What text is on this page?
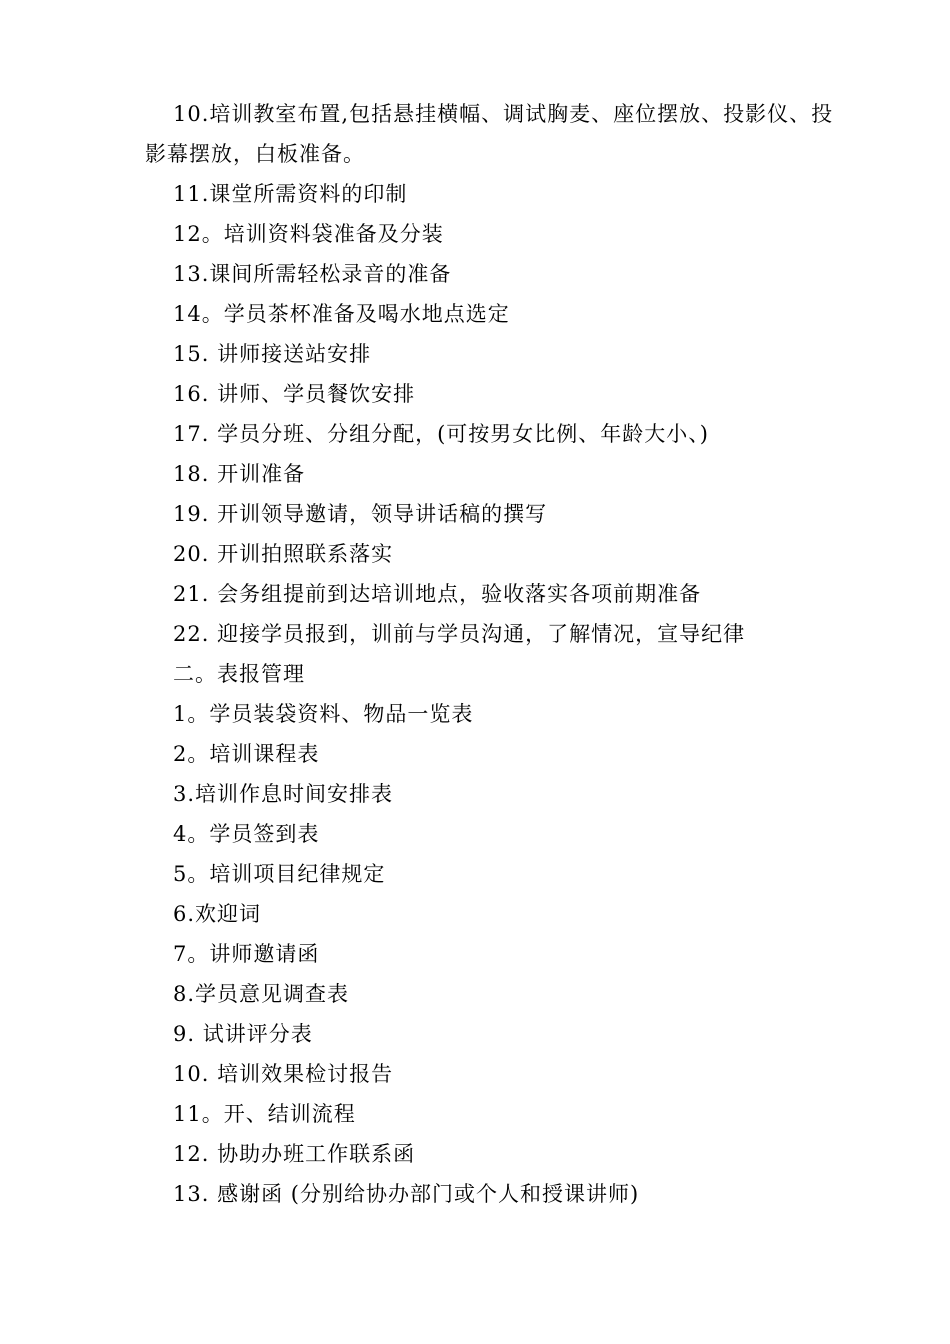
10.培训教室布置,包括悬挂横幅、调试胸麦、座位摆放、投影仪、投影幕摆放，白板准备。
11.课堂所需资料的印制
12。培训资料袋准备及分装
13.课间所需轻松录音的准备
14。学员茶杯准备及喝水地点选定
15. 讲师接送站安排
16. 讲师、学员餐饮安排
17. 学员分班、分组分配，(可按男女比例、年龄大小、)
18. 开训准备
19. 开训领导邀请，领导讲话稿的撰写
20. 开训拍照联系落实
21. 会务组提前到达培训地点，验收落实各项前期准备
22. 迎接学员报到，训前与学员沟通，了解情况，宣导纪律
二。表报管理
1。学员装袋资料、物品一览表
2。培训课程表
3.培训作息时间安排表
4。学员签到表
5。培训项目纪律规定
6.欢迎词
7。讲师邀请函
8.学员意见调查表
9. 试讲评分表
10. 培训效果检讨报告
11。开、结训流程
12. 协助办班工作联系函
13. 感谢函 (分别给协办部门或个人和授课讲师)
